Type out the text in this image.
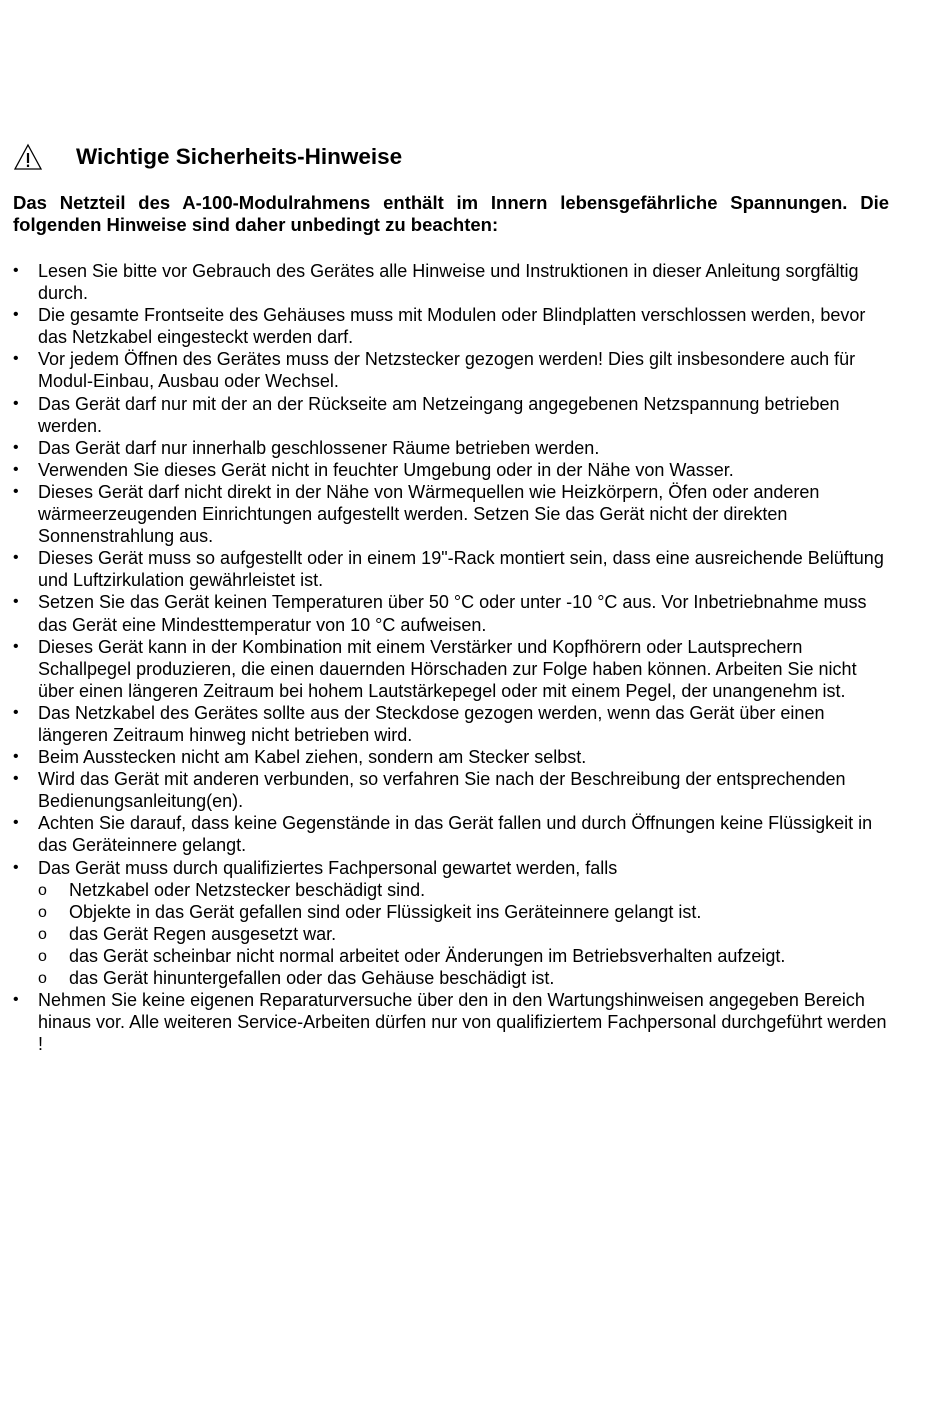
Wichtige Sicherheits-Hinweise
Das Netzteil des A-100-Modulrahmens enthält im Innern lebensgefährliche Spannungen. Die folgenden Hinweise sind daher unbedingt zu beachten:
•	Lesen Sie bitte vor Gebrauch des Gerätes alle Hinweise und Instruktionen in dieser Anleitung sorgfältig durch.
•	Die gesamte Frontseite des Gehäuses muss mit Modulen oder Blindplatten verschlossen werden, bevor das Netzkabel eingesteckt werden darf.
•	Vor jedem Öffnen des Gerätes muss der Netzstecker gezogen werden! Dies gilt insbesondere auch für Modul-Einbau, Ausbau oder Wechsel.
•	Das Gerät darf nur mit der an der Rückseite am Netzeingang angegebenen Netzspannung betrieben werden.
•	Das Gerät darf nur innerhalb geschlossener Räume betrieben werden.
•	Verwenden Sie dieses Gerät nicht in feuchter Umgebung oder in der Nähe von Wasser.
•	Dieses Gerät darf nicht direkt in der Nähe von Wärmequellen wie Heizkörpern, Öfen oder anderen wärmeerzeugenden Einrichtungen aufgestellt werden. Setzen Sie das Gerät nicht der direkten Sonnenstrahlung aus.
•	Dieses Gerät muss so aufgestellt oder in einem 19"-Rack montiert sein, dass eine ausreichende Belüftung und Luftzirkulation gewährleistet ist.
•	Setzen Sie das Gerät keinen Temperaturen über 50 °C oder unter -10 °C aus. Vor Inbetriebnahme muss das Gerät eine Mindesttemperatur von 10 °C aufweisen.
•	Dieses Gerät kann in der Kombination mit einem Verstärker und Kopfhörern oder Lautsprechern Schallpegel produzieren, die einen dauernden Hörschaden zur Folge haben können. Arbeiten Sie nicht über einen längeren Zeitraum bei hohem Lautstärkepegel oder mit einem Pegel, der unangenehm ist.
•	Das Netzkabel des Gerätes sollte aus der Steckdose gezogen werden, wenn das Gerät über einen längeren Zeitraum hinweg nicht betrieben wird.
•	Beim Ausstecken nicht am Kabel ziehen, sondern am Stecker selbst.
•	Wird das Gerät mit anderen verbunden, so verfahren Sie nach der Beschreibung der entsprechenden Bedienungsanleitung(en).
•	Achten Sie darauf, dass keine Gegenstände in das Gerät fallen und durch Öffnungen keine Flüssigkeit in das Geräteinnere gelangt.
•	Das Gerät muss durch qualifiziertes Fachpersonal gewartet werden, falls
o Netzkabel oder Netzstecker beschädigt sind.
o Objekte in das Gerät gefallen sind oder Flüssigkeit ins Geräteinnere gelangt ist.
o das Gerät Regen ausgesetzt war.
o das Gerät scheinbar nicht normal arbeitet oder Änderungen im Betriebsverhalten aufzeigt.
o das Gerät hinuntergefallen oder das Gehäuse beschädigt ist.
•	Nehmen Sie keine eigenen Reparaturversuche über den in den Wartungshinweisen angegeben Bereich hinaus vor. Alle weiteren Service-Arbeiten dürfen nur von qualifiziertem Fachpersonal durchgeführt werden !
